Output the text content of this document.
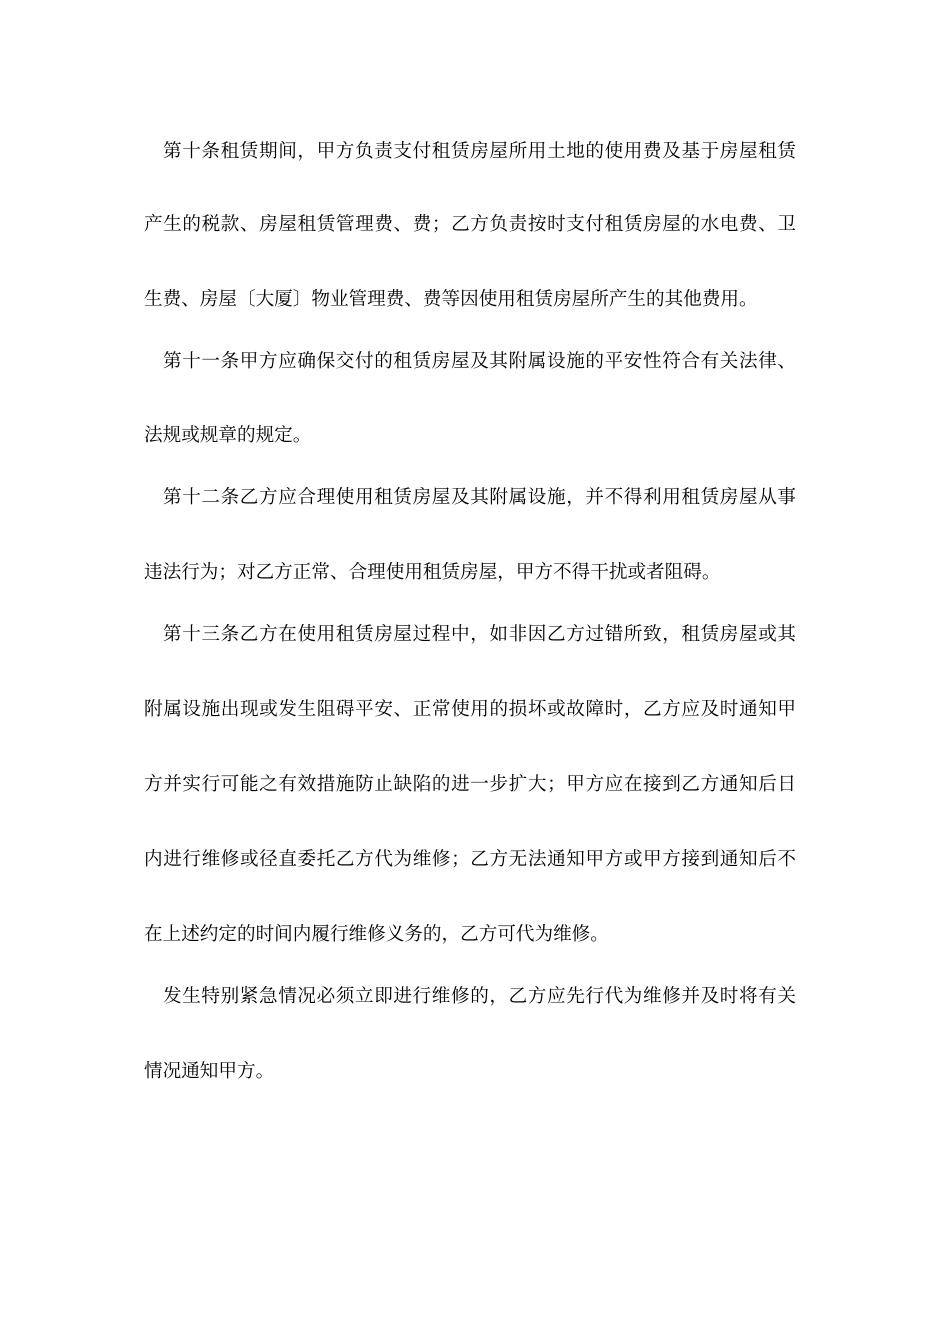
第十条租赁期间，甲方负责支付租赁房屋所用土地的使用费及基于房屋租赁
产生的税款、房屋租赁管理费、费；乙方负责按时支付租赁房屋的水电费、卫
生费、房屋〔大厦〕物业管理费、费等因使用租赁房屋所产生的其他费用。
第十一条甲方应确保交付的租赁房屋及其附属设施的平安性符合有关法律、
法规或规章的规定。
第十二条乙方应合理使用租赁房屋及其附属设施，并不得利用租赁房屋从事
违法行为；对乙方正常、合理使用租赁房屋，甲方不得干扰或者阻碍。
第十三条乙方在使用租赁房屋过程中，如非因乙方过错所致，租赁房屋或其
附属设施出现或发生阻碍平安、正常使用的损坏或故障时，乙方应及时通知甲
方并实行可能之有效措施防止缺陷的进一步扩大；甲方应在接到乙方通知后日
内进行维修或径直委托乙方代为维修；乙方无法通知甲方或甲方接到通知后不
在上述约定的时间内履行维修义务的，乙方可代为维修。
发生特别紧急情况必须立即进行维修的，乙方应先行代为维修并及时将有关
情况通知甲方。
